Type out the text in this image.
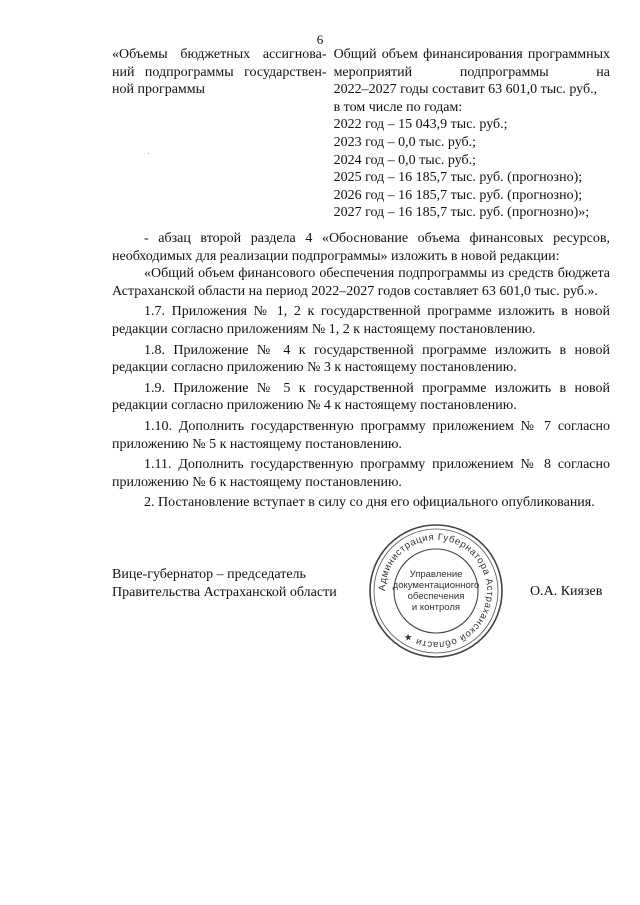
6
«Объемы бюджетных ассигнова-ний подпрограммы государствен-ной программы
Общий объем финансирования программных мероприятий подпрограммы на
2022–2027 годы составит 63 601,0 тыс. руб.,
в том числе по годам:
2022 год – 15 043,9 тыс. руб.;
2023 год – 0,0 тыс. руб.;
2024 год – 0,0 тыс. руб.;
2025 год – 16 185,7 тыс. руб. (прогнозно);
2026 год – 16 185,7 тыс. руб. (прогнозно);
2027 год – 16 185,7 тыс. руб. (прогнозно)»;

- абзац второй раздела 4 «Обоснование объема финансовых ресурсов, необходимых для реализации подпрограммы» изложить в новой редакции:

«Общий объем финансового обеспечения подпрограммы из средств бюджета Астраханской области на период 2022–2027 годов составляет 63 601,0 тыс. руб.».

1.7. Приложения № 1, 2 к государственной программе изложить в новой редакции согласно приложениям № 1, 2 к настоящему постановлению.

1.8. Приложение № 4 к государственной программе изложить в новой редакции согласно приложению № 3 к настоящему постановлению.

1.9. Приложение № 5 к государственной программе изложить в новой редакции согласно приложению № 4 к настоящему постановлению.

1.10. Дополнить государственную программу приложением № 7 согласно приложению № 5 к настоящему постановлению.

1.11. Дополнить государственную программу приложением № 8 согласно приложению № 6 к настоящему постановлению.

2. Постановление вступает в силу со дня его официального опубликования.

Вице-губернатор – председатель
Правительства Астраханской области	Администрация Губернатора Астраханской области ★
Управление
документационного
обеспечения
и контроля
О.А. Киязев
